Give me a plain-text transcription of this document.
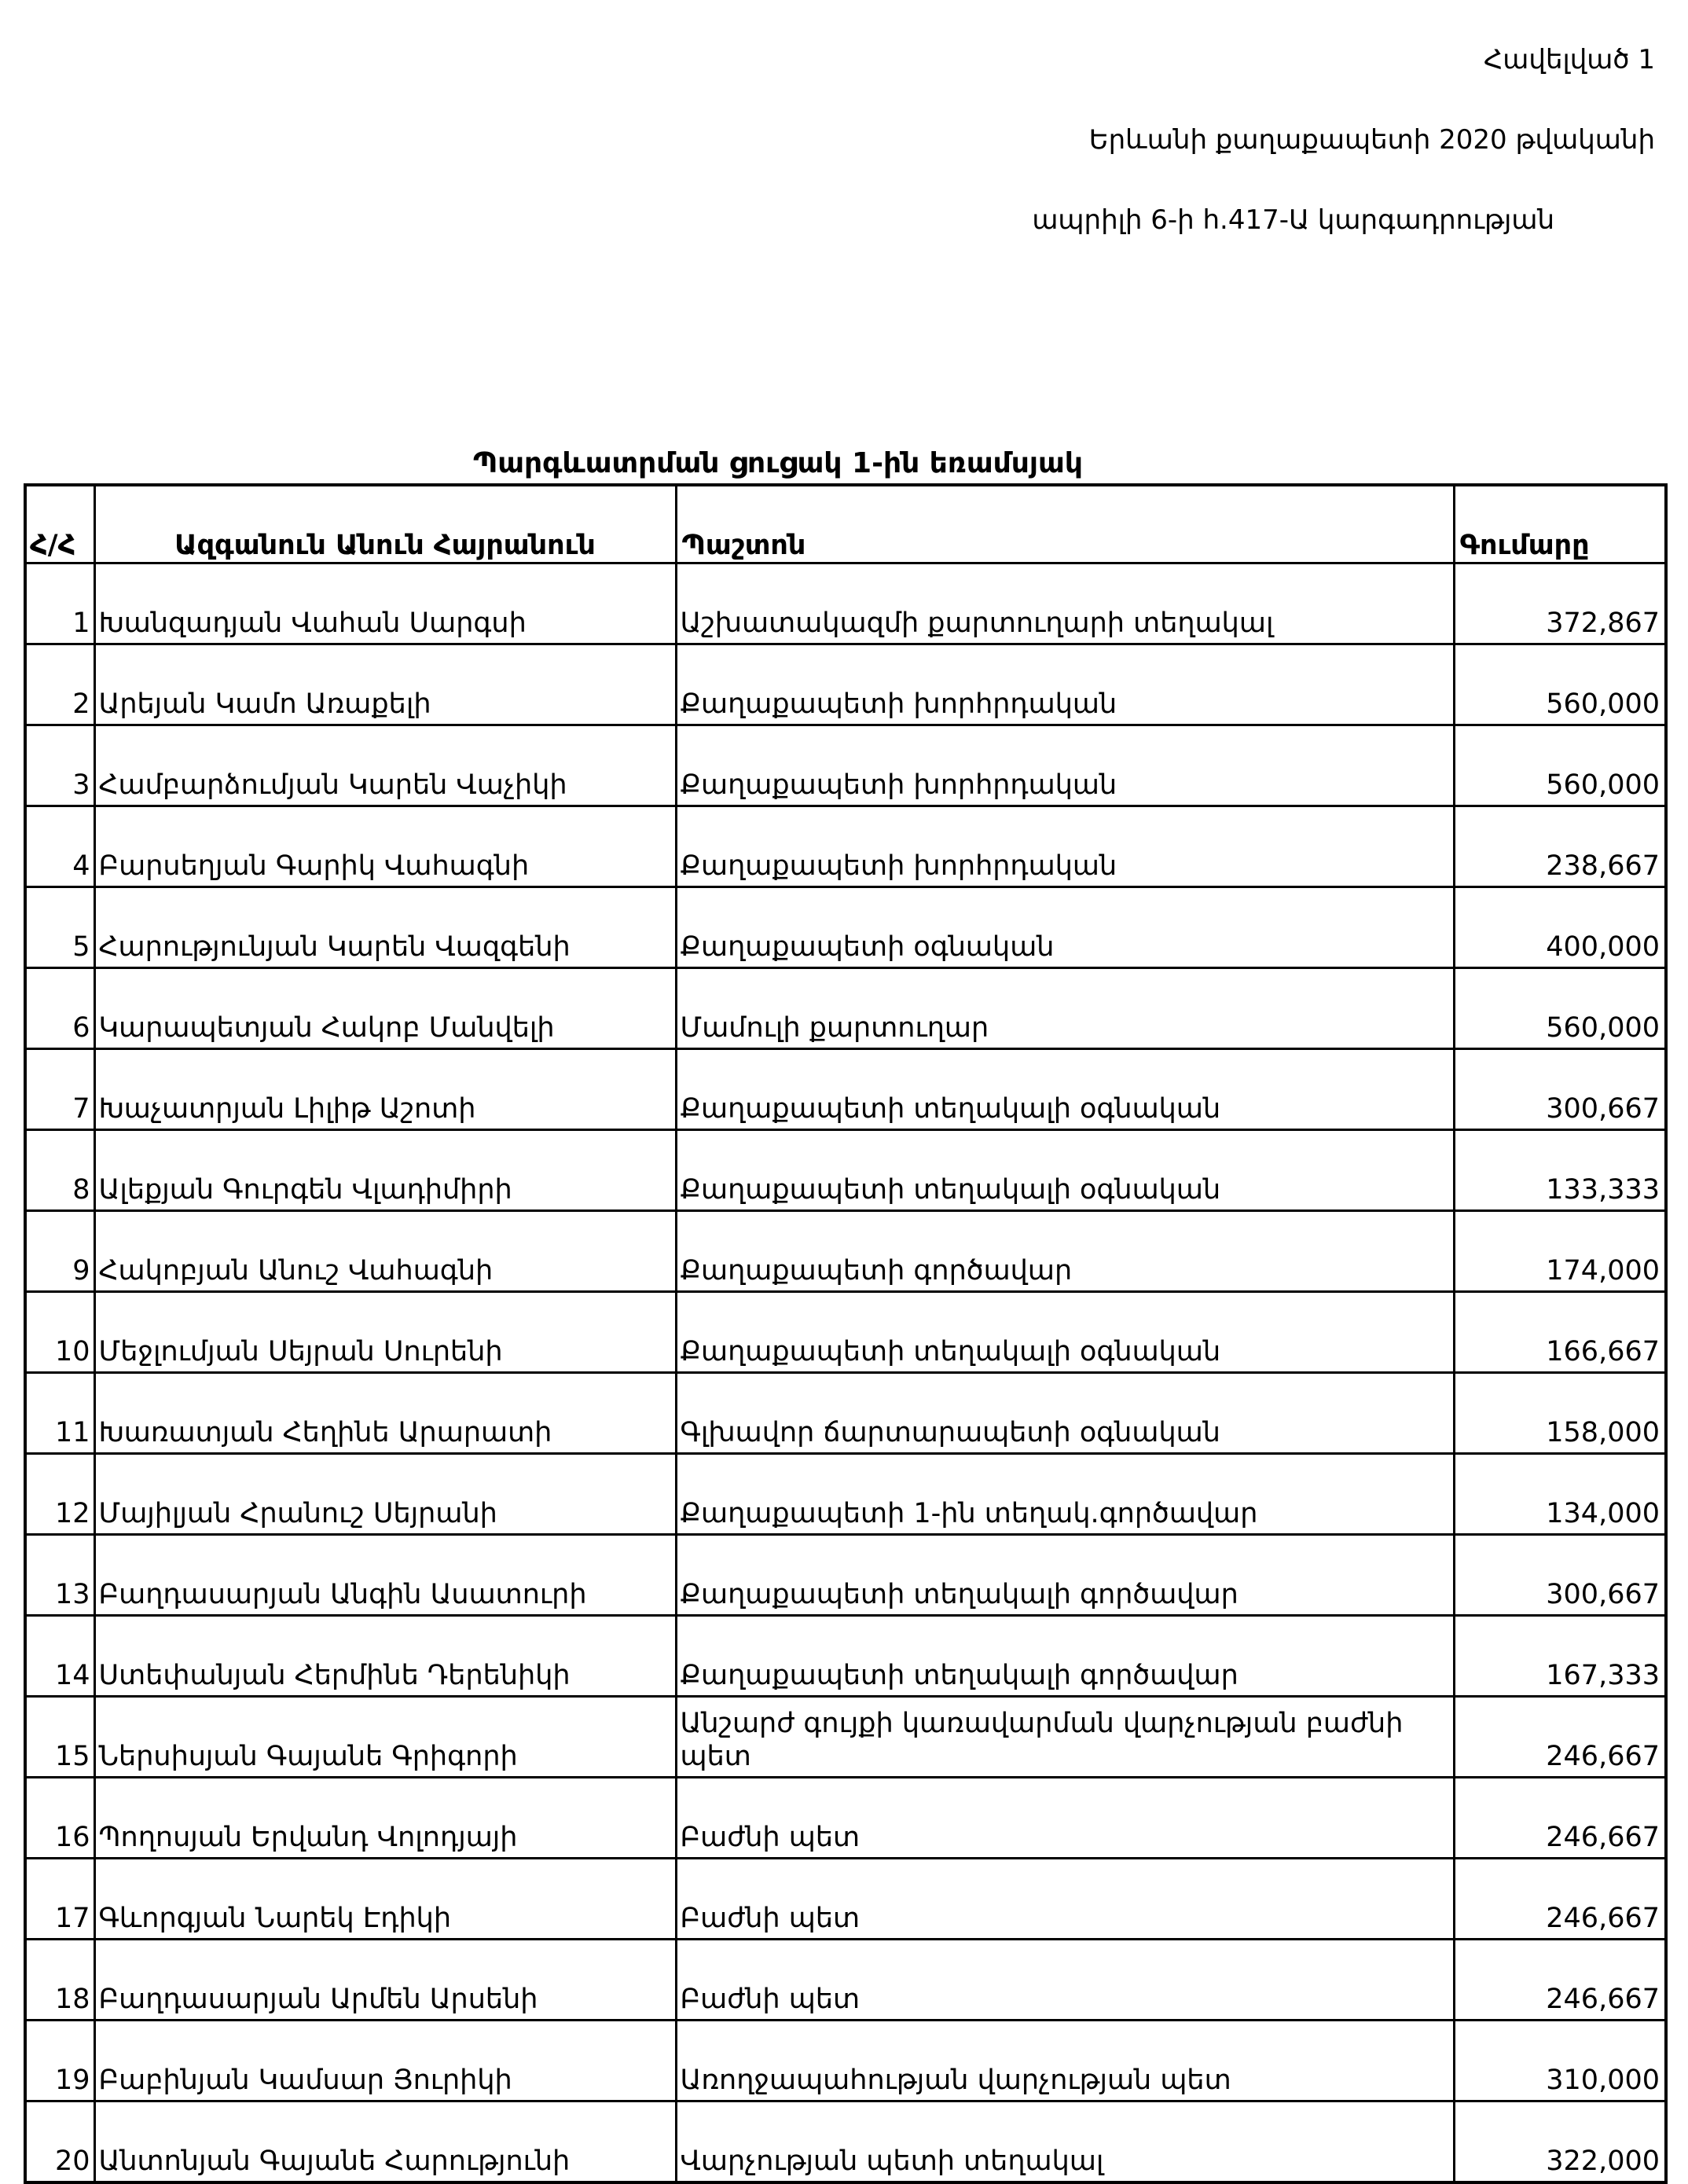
Հավելված 1
Երևանի քաղաքապետի 2020 թվականի
ապրիլի 6-ի հ.417-Ա կարգադրության
Պարգևատրման ցուցակ 1-ին եռամսյակ
Հ/Հ	Ազգանուն Անուն Հայրանուն	Պաշտոն	Գումարը
1	Խանզադյան Վահան Սարգսի	Աշխատակազմի քարտուղարի տեղակալ	372,867
2	Արեյան Կամո Առաքելի	Քաղաքապետի խորհրդական	560,000
3	Համբարձումյան Կարեն Վաչիկի	Քաղաքապետի խորհրդական	560,000
4	Բարսեղյան Գարիկ Վահագնի	Քաղաքապետի խորհրդական	238,667
5	Հարությունյան Կարեն Վազգենի	Քաղաքապետի օգնական	400,000
6	Կարապետյան Հակոբ Մանվելի	Մամուլի քարտուղար	560,000
7	Խաչատրյան Լիլիթ Աշոտի	Քաղաքապետի տեղակալի օգնական	300,667
8	Ալեքյան Գուրգեն Վլադիմիրի	Քաղաքապետի տեղակալի օգնական	133,333
9	Հակոբյան Անուշ Վահագնի	Քաղաքապետի գործավար	174,000
10	Մեջլումյան Սեյրան Սուրենի	Քաղաքապետի տեղակալի օգնական	166,667
11	Խառատյան Հեղինե Արարատի	Գլխավոր ճարտարապետի օգնական	158,000
12	Մայիլյան Հրանուշ Սեյրանի	Քաղաքապետի 1-ին տեղակ.գործավար	134,000
13	Բաղդասարյան Անգին Ասատուրի	Քաղաքապետի տեղակալի գործավար	300,667
14	Ստեփանյան Հերմինե Դերենիկի	Քաղաքապետի տեղակալի գործավար	167,333
15	Ներսիսյան Գայանե Գրիգորի	Անշարժ գույքի կառավարման վարչության բաժնի պետ	246,667
16	Պողոսյան Երվանդ Վոլոդյայի	Բաժնի պետ	246,667
17	Գևորգյան Նարեկ Էդիկի	Բաժնի պետ	246,667
18	Բաղդասարյան Արմեն Արսենի	Բաժնի պետ	246,667
19	Բաբինյան Կամսար Յուրիկի	Առողջապահության վարչության պետ	310,000
20	Անտոնյան Գայանե Հարությունի	Վարչության պետի տեղակալ	322,000
